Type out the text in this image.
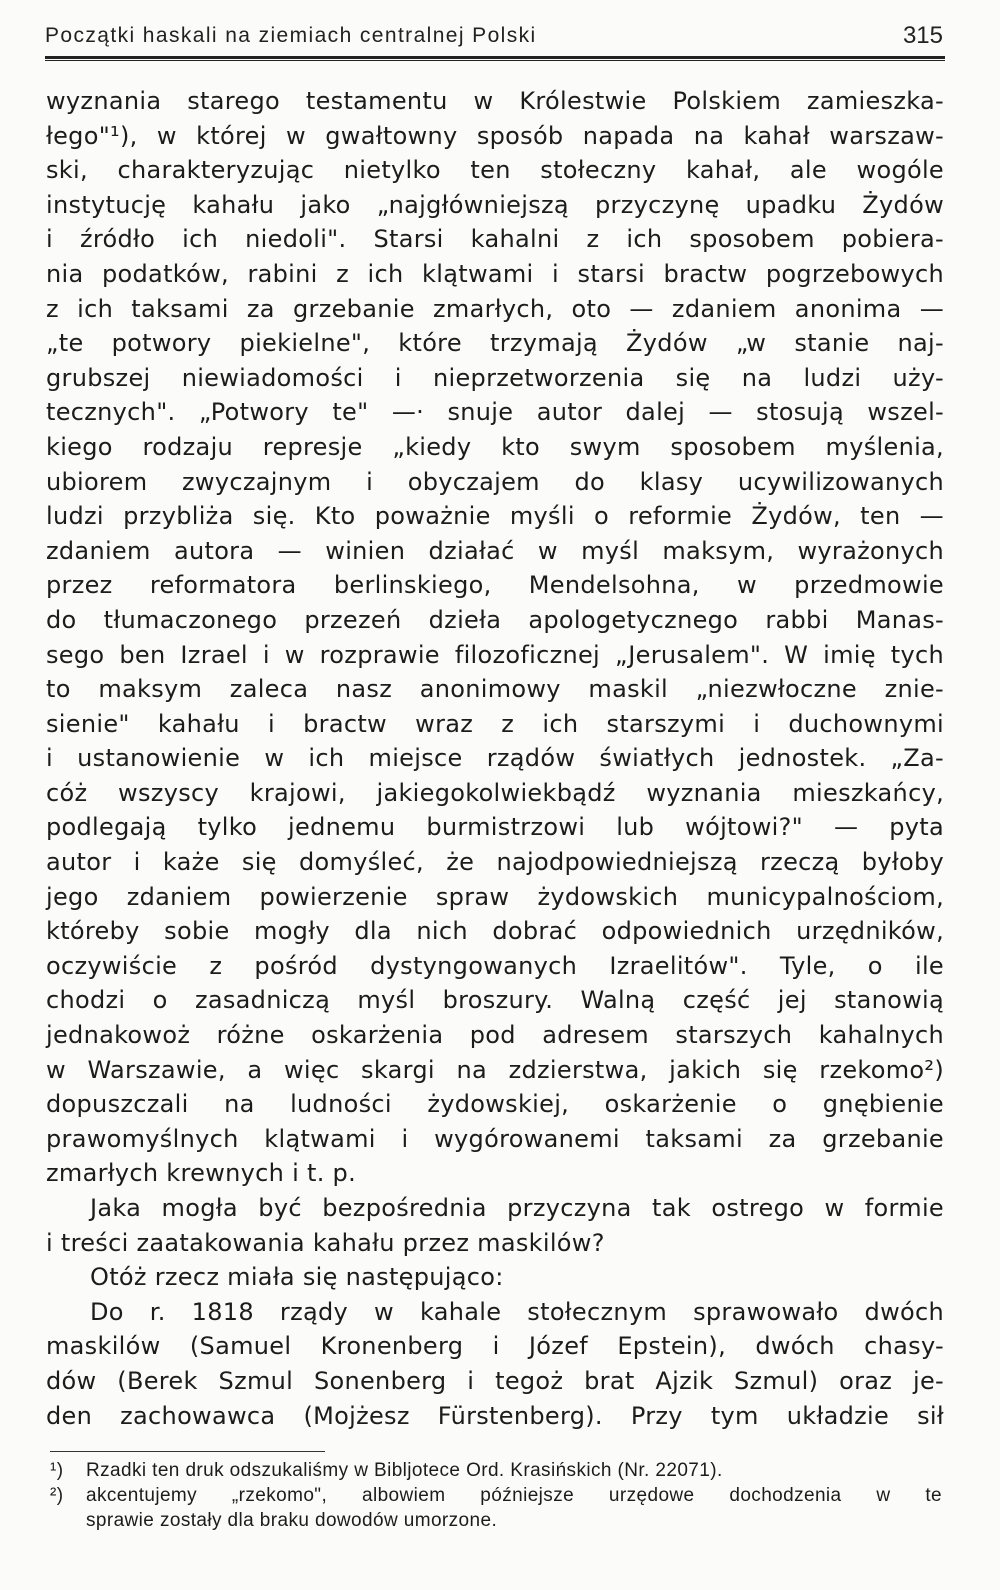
Początki haskali na ziemiach centralnej Polski	315
wyznania starego testamentu w Królestwie Polskiem zamieszka-
łego"¹), w której w gwałtowny sposób napada na kahał warszaw-
ski, charakteryzując nietylko ten stołeczny kahał, ale wogóle
instytucję kahału jako „najgłówniejszą przyczynę upadku Żydów
i źródło ich niedoli". Starsi kahalni z ich sposobem pobiera-
nia podatków, rabini z ich klątwami i starsi bractw pogrzebowych
z ich taksami za grzebanie zmarłych, oto — zdaniem anonima —
„te potwory piekielne", które trzymają Żydów „w stanie naj-
grubszej niewiadomości i nieprzetworzenia się na ludzi uży-
tecznych". „Potwory te" —· snuje autor dalej — stosują wszel-
kiego rodzaju represje „kiedy kto swym sposobem myślenia,
ubiorem zwyczajnym i obyczajem do klasy ucywilizowanych
ludzi przybliża się. Kto poważnie myśli o reformie Żydów, ten —
zdaniem autora — winien działać w myśl maksym, wyrażonych
przez reformatora berlinskiego, Mendelsohna, w przedmowie
do tłumaczonego przezeń dzieła apologetycznego rabbi Manas-
sego ben Izrael i w rozprawie filozoficznej „Jerusalem". W imię tych
to maksym zaleca nasz anonimowy maskil „niezwłoczne znie-
sienie" kahału i bractw wraz z ich starszymi i duchownymi
i ustanowienie w ich miejsce rządów światłych jednostek. „Za-
cóż wszyscy krajowi, jakiegokolwiekbądź wyznania mieszkańcy,
podlegają tylko jednemu burmistrzowi lub wójtowi?" — pyta
autor i każe się domyśleć, że najodpowiedniejszą rzeczą byłoby
jego zdaniem powierzenie spraw żydowskich municypalnościom,
któreby sobie mogły dla nich dobrać odpowiednich urzędników,
oczywiście z pośród dystyngowanych Izraelitów". Tyle, o ile
chodzi o zasadniczą myśl broszury. Walną część jej stanowią
jednakowoż różne oskarżenia pod adresem starszych kahalnych
w Warszawie, a więc skargi na zdzierstwa, jakich się rzekomo²)
dopuszczali na ludności żydowskiej, oskarżenie o gnębienie
prawomyślnych klątwami i wygórowanemi taksami za grzebanie
zmarłych krewnych i t. p.
Jaka mogła być bezpośrednia przyczyna tak ostrego w formie
i treści zaatakowania kahału przez maskilów?
Otóż rzecz miała się następująco:
Do r. 1818 rządy w kahale stołecznym sprawowało dwóch
maskilów (Samuel Kronenberg i Józef Epstein), dwóch chasy-
dów (Berek Szmul Sonenberg i tegoż brat Ajzik Szmul) oraz je-
den zachowawca (Mojżesz Fürstenberg). Przy tym układzie sił
¹) Rzadki ten druk odszukaliśmy w Bibljotece Ord. Krasińskich (Nr. 22071).
²) akcentujemy „rzekomo", albowiem późniejsze urzędowe dochodzenia w te
sprawie zostały dla braku dowodów umorzone.
